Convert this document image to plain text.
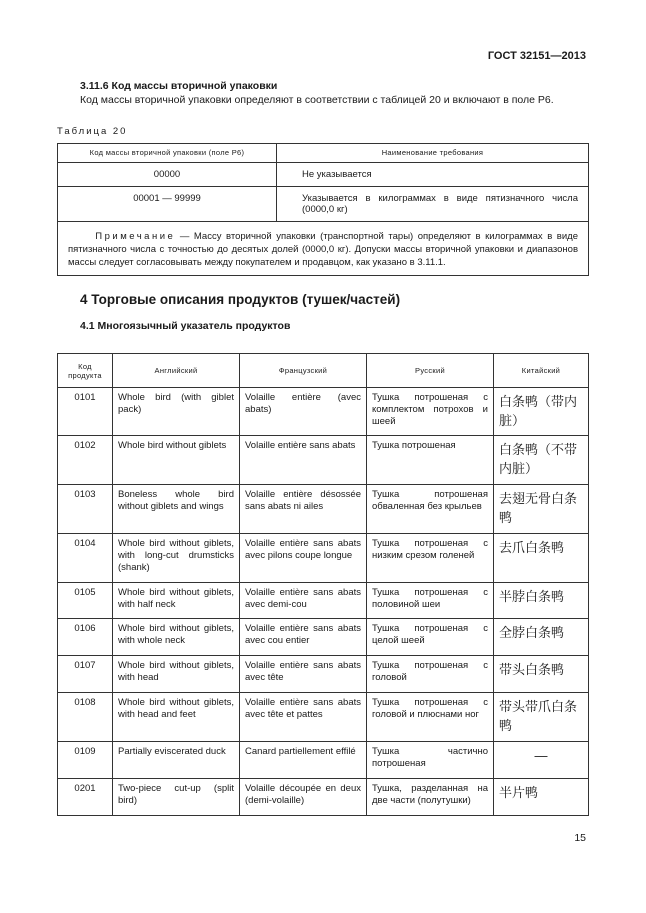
ГОСТ 32151—2013
3.11.6 Код массы вторичной упаковки
Код массы вторичной упаковки определяют в соответствии с таблицей 20 и включают в поле Р6.
Таблица 20
Код массы вторичной упаковки (поле Р6)	Наименование требования
00000	Не указывается
00001 — 99999	Указывается в килограммах в виде пятизначного числа (0000,0 кг)
Примечание — Массу вторичной упаковки (транспортной тары) определяют в килограммах в виде пятизначного числа с точностью до десятых долей (0000,0 кг). Допуски массы вторичной упаковки и диапазонов массы следует согласовывать между покупателем и продавцом, как указано в 3.11.1.	
4 Торговые описания продуктов (тушек/частей)
4.1 Многоязычный указатель продуктов
Код продукта	Английский	Французский	Русский	Китайский
0101	Whole bird (with giblet pack)	Volaille entière (avec abats)	Тушка потрошеная с комплектом потрохов и шеей	白条鸭（带内脏）
0102	Whole bird without giblets	Volaille entière sans abats	Тушка потрошеная	白条鸭（不带内脏）
0103	Boneless whole bird without giblets and wings	Volaille entière désossée sans abats ni ailes	Тушка потрошеная обваленная без крыльев	去翅无骨白条鸭
0104	Whole bird without giblets, with long-cut drumsticks (shank)	Volaille entière sans abats avec pilons coupe longue	Тушка потрошеная с низким срезом голеней	去爪白条鸭
0105	Whole bird without giblets, with half neck	Volaille entière sans abats avec demi-cou	Тушка потрошеная с половиной шеи	半脖白条鸭
0106	Whole bird without giblets, with whole neck	Volaille entière sans abats avec cou entier	Тушка потрошеная с целой шеей	全脖白条鸭
0107	Whole bird without giblets, with head	Volaille entière sans abats avec tête	Тушка потрошеная с головой	带头白条鸭
0108	Whole bird without giblets, with head and feet	Volaille entière sans abats avec tête et pattes	Тушка потрошеная с головой и плюснами ног	带头带爪白条鸭
0109	Partially eviscerated duck	Canard partiellement effilé	Тушка частично потрошеная	—
0201	Two-piece cut-up (split bird)	Volaille découpée en deux (demi-volaille)	Тушка, разделанная на две части (полутушки)	半片鸭
15
